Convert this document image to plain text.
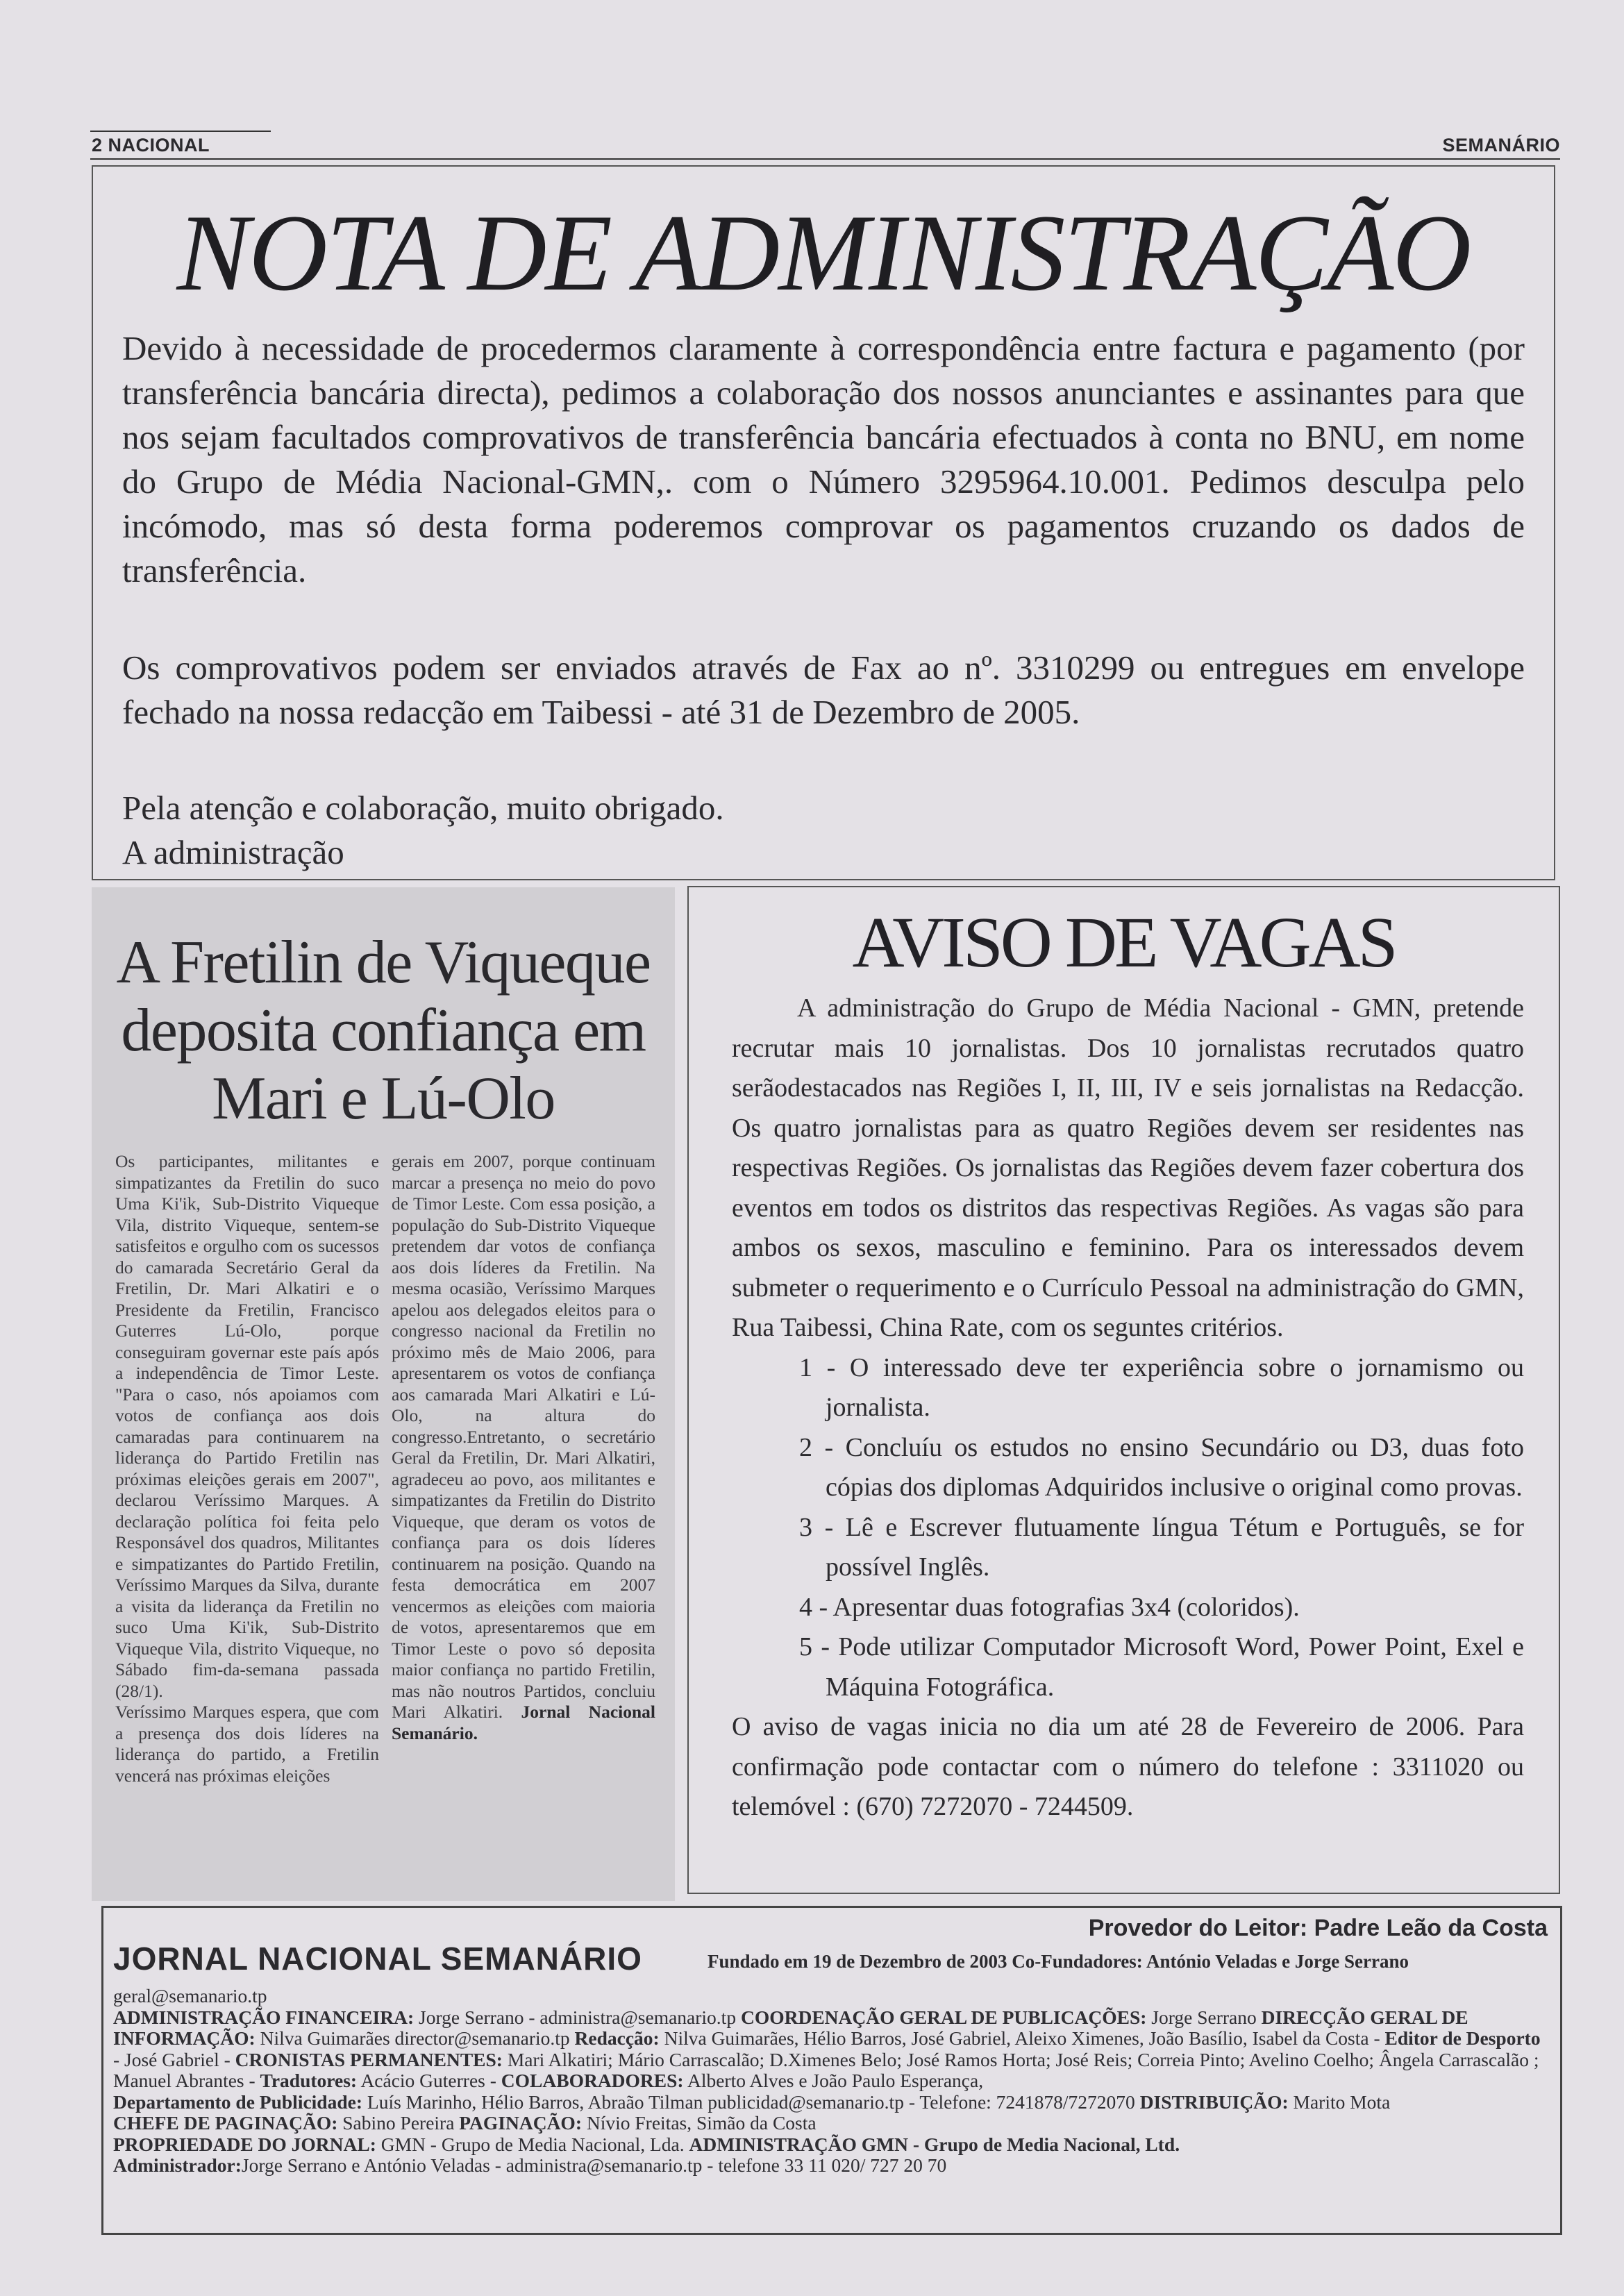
2 NACIONAL	SEMANÁRIO
NOTA DE ADMINISTRAÇÃO

Devido à necessidade de procedermos claramente à correspondência entre factura e pagamento (por transferência bancária directa), pedimos a colaboração dos nossos anunciantes e assinantes para que nos sejam facultados comprovativos de transferência bancária efectuados à conta no BNU, em nome do Grupo de Média Nacional-GMN,. com o Número 3295964.10.001. Pedimos desculpa pelo incómodo, mas só desta forma poderemos comprovar os pagamentos cruzando os dados de transferência.

Os comprovativos podem ser enviados através de Fax ao nº. 3310299 ou entregues em envelope fechado na nossa redacção em Taibessi - até 31 de Dezembro de 2005.

Pela atenção e colaboração, muito obrigado.

A administração

A Fretilin de Viqueque deposita confiança em Mari e Lú-Olo
Os participantes, militantes e simpatizantes da Fretilin do suco Uma Ki'ik, Sub-Distrito Viqueque Vila, distrito Viqueque, sentem-se satisfeitos e orgulho com os sucessos do camarada Secretário Geral da Fretilin, Dr. Mari Alkatiri e o Presidente da Fretilin, Francisco Guterres Lú-Olo, porque conseguiram governar este país após a independência de Timor Leste. "Para o caso, nós apoiamos com votos de confiança aos dois camaradas para continuarem na liderança do Partido Fretilin nas próximas eleições gerais em 2007", declarou Veríssimo Marques. A declaração política foi feita pelo Responsável dos quadros, Militantes e simpatizantes do Partido Fretilin, Veríssimo Marques da Silva, durante a visita da liderança da Fretilin no suco Uma Ki'ik, Sub-Distrito Viqueque Vila, distrito Viqueque, no Sábado fim-da-semana passada (28/1).
Veríssimo Marques espera, que com a presença dos dois líderes na liderança do partido, a Fretilin vencerá nas próximas eleições
gerais em 2007, porque continuam marcar a presença no meio do povo de Timor Leste. Com essa posição, a população do Sub-Distrito Viqueque pretendem dar votos de confiança aos dois líderes da Fretilin. Na mesma ocasião, Veríssimo Marques apelou aos delegados eleitos para o congresso nacional da Fretilin no próximo mês de Maio 2006, para apresentarem os votos de confiança aos camarada Mari Alkatiri e Lú-Olo, na altura do congresso.Entretanto, o secretário Geral da Fretilin, Dr. Mari Alkatiri, agradeceu ao povo, aos militantes e simpatizantes da Fretilin do Distrito Viqueque, que deram os votos de confiança para os dois líderes continuarem na posição. Quando na festa democrática em 2007 vencermos as eleições com maioria de votos, apresentaremos que em Timor Leste o povo só deposita maior confiança no partido Fretilin, mas não noutros Partidos, concluiu Mari Alkatiri. Jornal Nacional Semanário.
AVISO DE VAGAS

A administração do Grupo de Média Nacional - GMN, pretende recrutar mais 10 jornalistas. Dos 10 jornalistas recrutados quatro serãodestacados nas Regiões I, II, III, IV e seis jornalistas na Redacção. Os quatro jornalistas para as quatro Regiões devem ser residentes nas respectivas Regiões. Os jornalistas das Regiões devem fazer cobertura dos eventos em todos os distritos das respectivas Regiões. As vagas são para ambos os sexos, masculino e feminino. Para os interessados devem submeter o requerimento e o Currículo Pessoal na administração do GMN, Rua Taibessi, China Rate, com os seguntes critérios.

1 - O interessado deve ter experiência sobre o jornamismo ou jornalista.
2 - Concluíu os estudos no ensino Secundário ou D3, duas foto cópias dos diplomas Adquiridos inclusive o original como provas.
3 - Lê e Escrever flutuamente língua Tétum e Português, se for possível Inglês.
4 - Apresentar duas fotografias 3x4 (coloridos).
5 - Pode utilizar Computador Microsoft Word, Power Point, Exel e Máquina Fotográfica.

O aviso de vagas inicia no dia um até 28 de Fevereiro de 2006. Para confirmação pode contactar com o número do telefone : 3311020 ou telemóvel : (670) 7272070 - 7244509.

Provedor do Leitor: Padre Leão da Costa
JORNAL NACIONAL SEMANÁRIO	Fundado em 19 de Dezembro de 2003 Co-Fundadores: António Veladas e Jorge Serrano

geral@semanario.tp
ADMINISTRAÇÃO FINANCEIRA: Jorge Serrano - administra@semanario.tp COORDENAÇÃO GERAL DE PUBLICAÇÕES: Jorge Serrano DIRECÇÃO GERAL DE INFORMAÇÃO: Nilva Guimarães director@semanario.tp Redacção: Nilva Guimarães, Hélio Barros, José Gabriel, Aleixo Ximenes, João Basílio, Isabel da Costa - Editor de Desporto - José Gabriel - CRONISTAS PERMANENTES: Mari Alkatiri; Mário Carrascalão; D.Ximenes Belo; José Ramos Horta; José Reis; Correia Pinto; Avelino Coelho; Ângela Carrascalão ; Manuel Abrantes - Tradutores: Acácio Guterres - COLABORADORES: Alberto Alves e João Paulo Esperança,
Departamento de Publicidade: Luís Marinho, Hélio Barros, Abraão Tilman publicidad@semanario.tp - Telefone: 7241878/7272070 DISTRIBUIÇÃO: Marito Mota
CHEFE DE PAGINAÇÃO: Sabino Pereira PAGINAÇÃO: Nívio Freitas, Simão da Costa
PROPRIEDADE DO JORNAL: GMN - Grupo de Media Nacional, Lda. ADMINISTRAÇÃO GMN - Grupo de Media Nacional, Ltd.
Administrador:Jorge Serrano e António Veladas - administra@semanario.tp - telefone 33 11 020/ 727 20 70
